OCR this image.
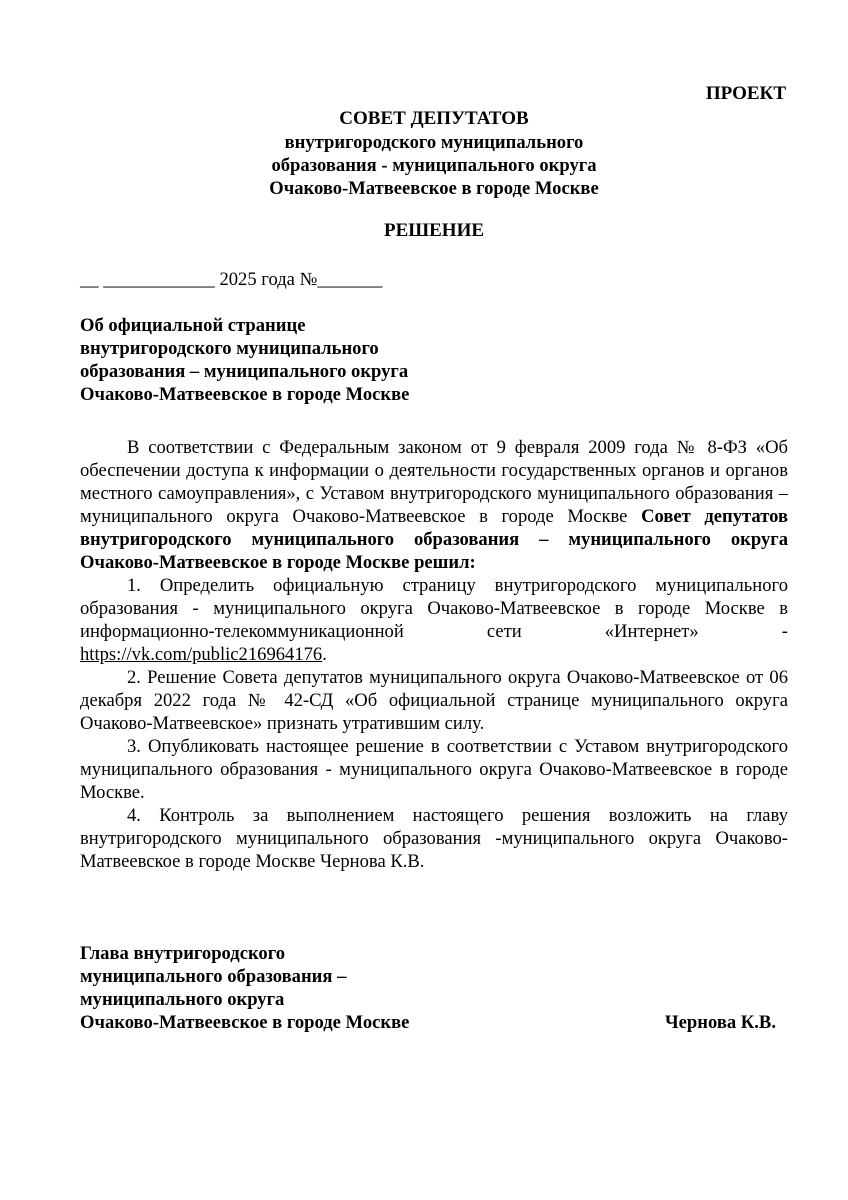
ПРОЕКТ
СОВЕТ ДЕПУТАТОВ
внутригородского муниципального
образования - муниципального округа
Очаково-Матвеевское в городе Москве
РЕШЕНИЕ
__ ____________ 2025 года №_______
Об официальной странице
внутригородского муниципального
образования – муниципального округа
Очаково-Матвеевское в городе Москве

В соответствии с Федеральным законом от 9 февраля 2009 года № 8-ФЗ «Об обеспечении доступа к информации о деятельности государственных органов и органов местного самоуправления», с Уставом внутригородского муниципального образования – муниципального округа Очаково-Матвеевское в городе Москве Совет депутатов внутригородского муниципального образования – муниципального округа Очаково-Матвеевское в городе Москве решил:

1. Определить официальную страницу внутригородского муниципального образования - муниципального округа Очаково-Матвеевское в городе Москве в информационно-телекоммуникационной сети «Интернет» - https://vk.com/public216964176.

2. Решение Совета депутатов муниципального округа Очаково-Матвеевское от 06 декабря 2022 года № 42-СД «Об официальной странице муниципального округа Очаково-Матвеевское» признать утратившим силу.

3. Опубликовать настоящее решение в соответствии с Уставом внутригородского муниципального образования - муниципального округа Очаково-Матвеевское в городе Москве.

4. Контроль за выполнением настоящего решения возложить на главу внутригородского муниципального образования -муниципального округа Очаково-Матвеевское в городе Москве Чернова К.В.

Глава внутригородского
муниципального образования –
муниципального округа
Очаково-Матвеевское в городе Москве	Чернова К.В.
